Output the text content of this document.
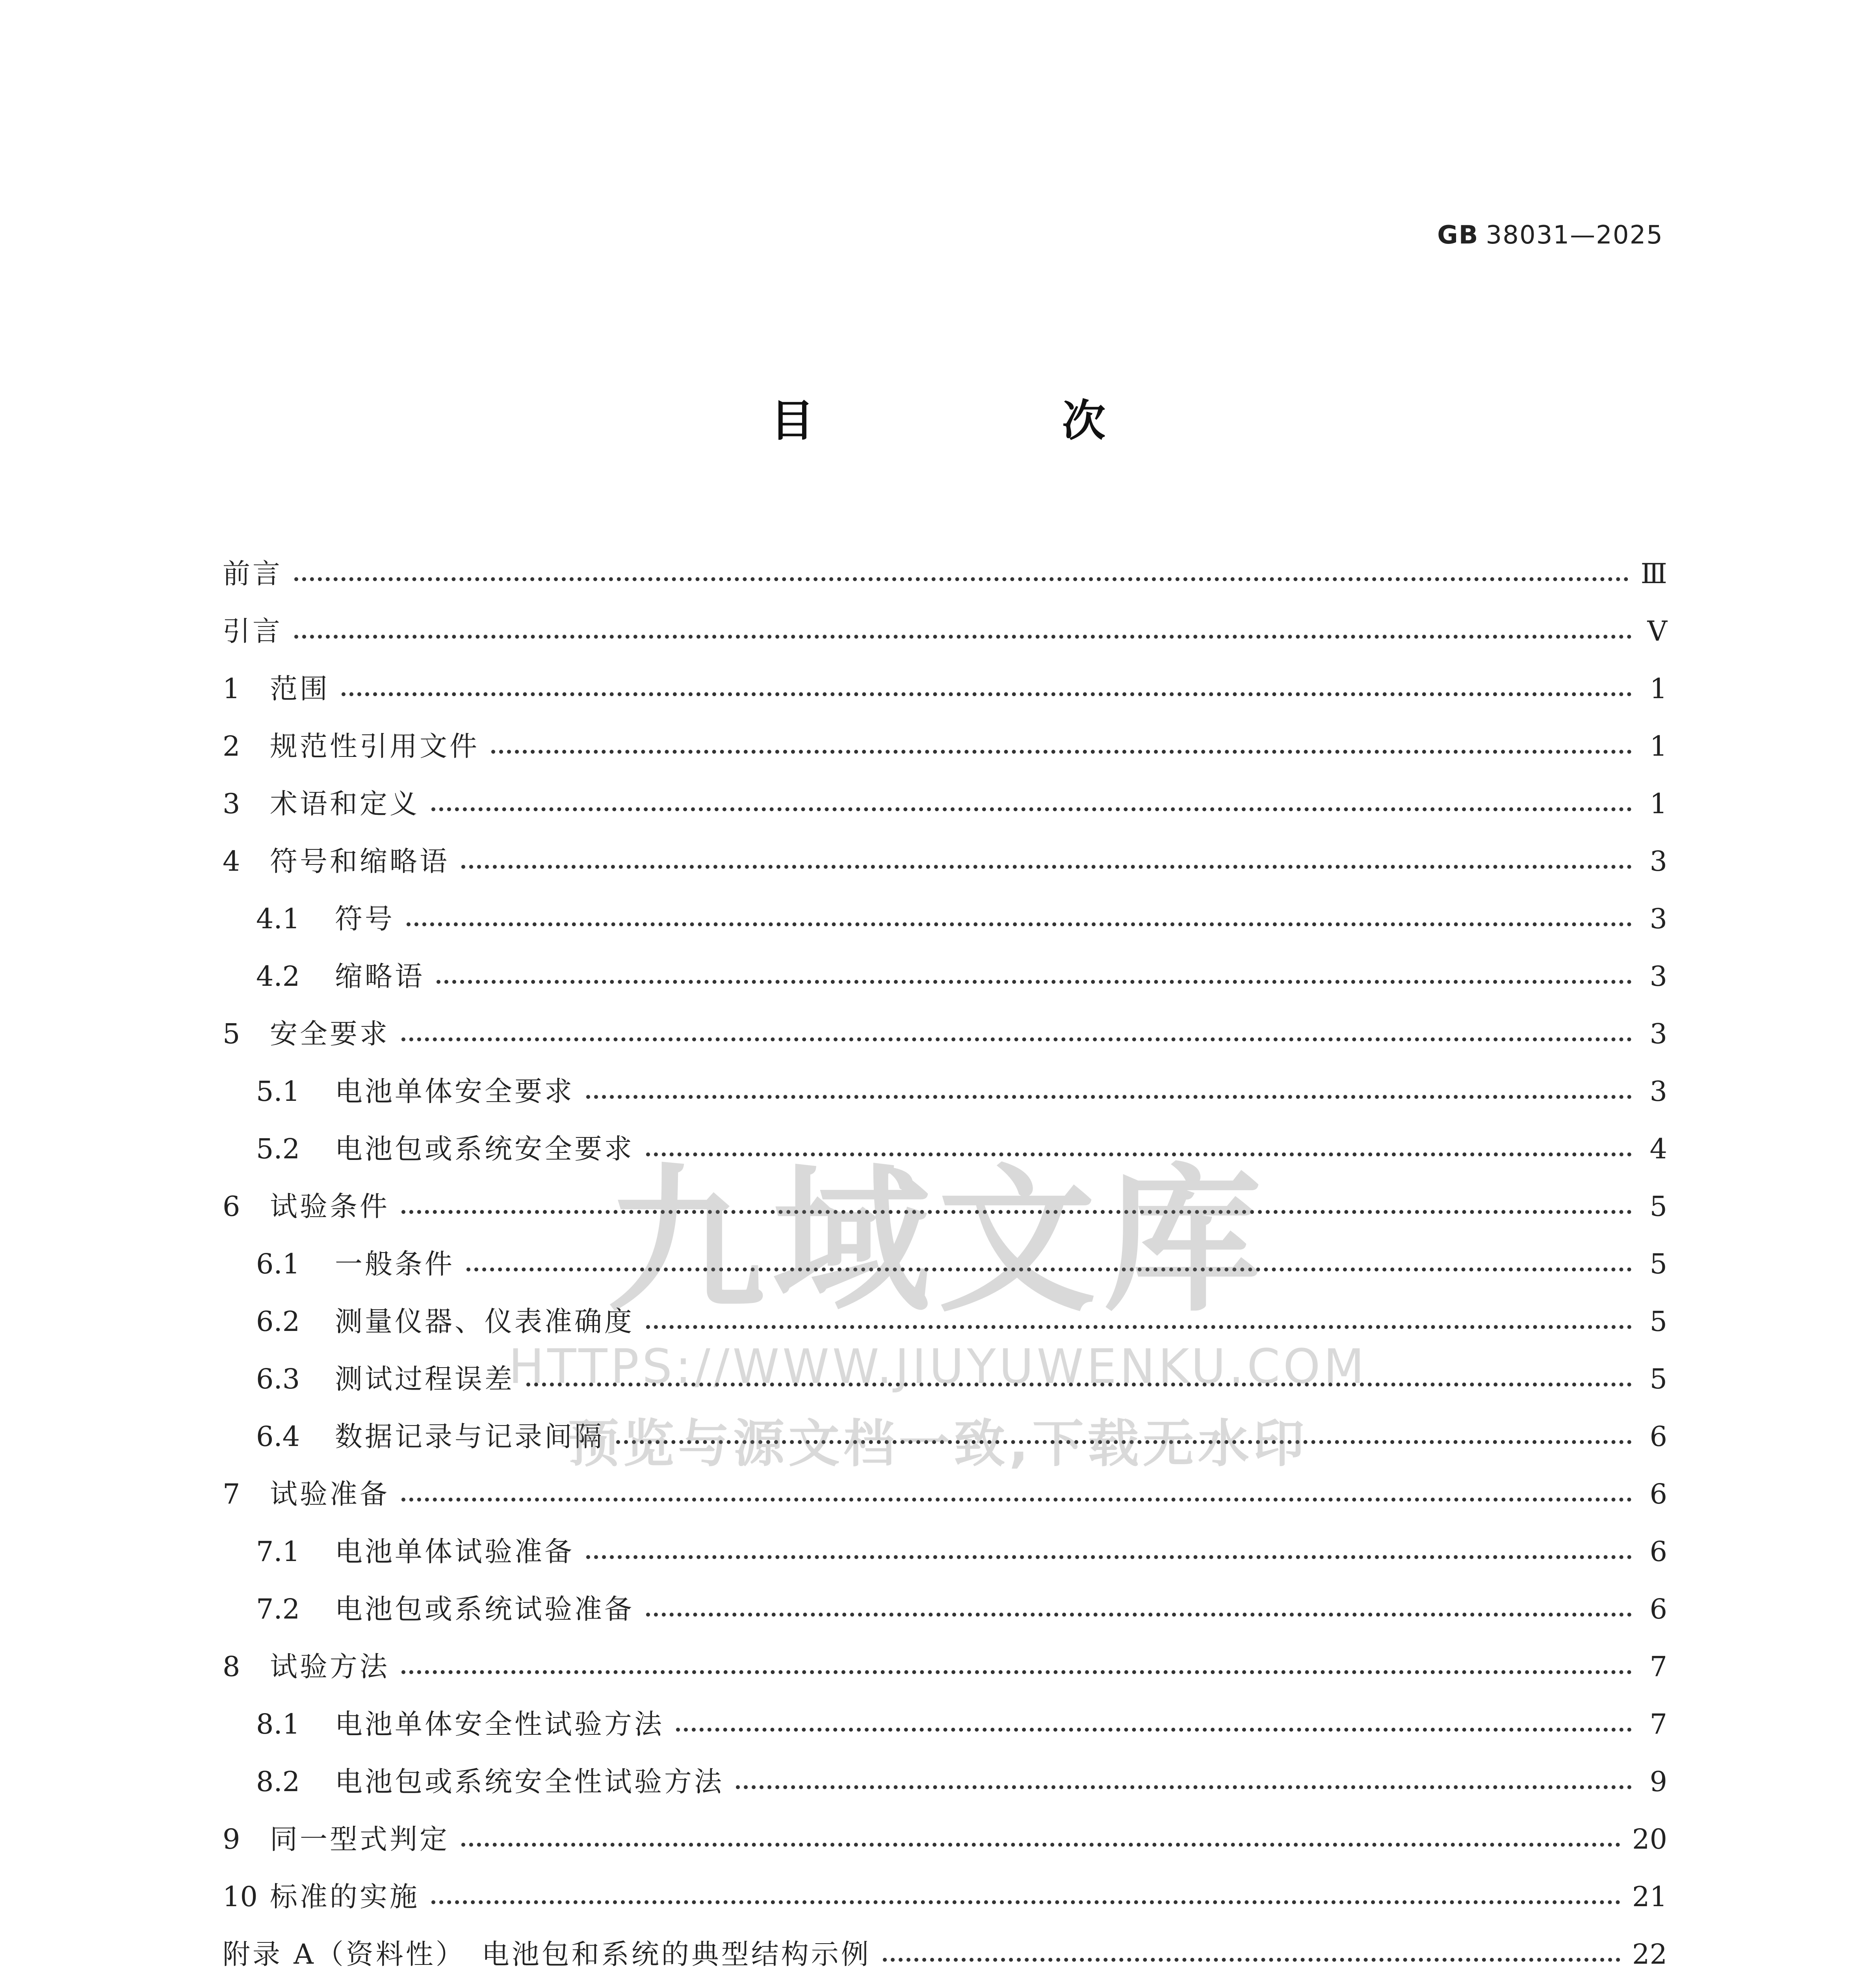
GB 38031—2025
目　次
前言	Ⅲ
引言	Ⅴ
1 范围	1
2 规范性引用文件	1
3 术语和定义	1
4 符号和缩略语	3
4.1 符号	3
4.2 缩略语	3
5 安全要求	3
5.1 电池单体安全要求	3
5.2 电池包或系统安全要求	4
6 试验条件	5
6.1 一般条件	5
6.2 测量仪器、仪表准确度	5
6.3 测试过程误差	5
6.4 数据记录与记录间隔	6
7 试验准备	6
7.1 电池单体试验准备	6
7.2 电池包或系统试验准备	6
8 试验方法	7
8.1 电池单体安全性试验方法	7
8.2 电池包或系统安全性试验方法	9
9 同一型式判定	20
10 标准的实施	21
附录 A（资料性）　电池包和系统的典型结构示例	22
九域文库
HTTPS://WWW.JIUYUWENKU.COM
预览与源文档一致,下载无水印
